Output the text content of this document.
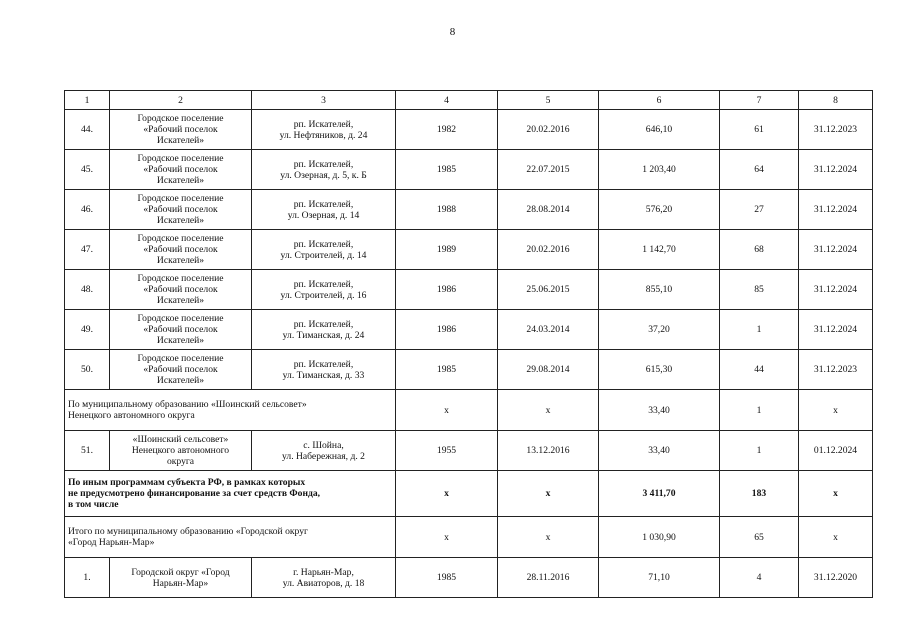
8
1	2	3	4	5	6	7	8
44.	Городское поселение
«Рабочий поселок
Искателей»	рп. Искателей,
ул. Нефтяников, д. 24	1982	20.02.2016	646,10	61	31.12.2023
45.	Городское поселение
«Рабочий поселок
Искателей»	рп. Искателей,
ул. Озерная, д. 5, к. Б	1985	22.07.2015	1 203,40	64	31.12.2024
46.	Городское поселение
«Рабочий поселок
Искателей»	рп. Искателей,
ул. Озерная, д. 14	1988	28.08.2014	576,20	27	31.12.2024
47.	Городское поселение
«Рабочий поселок
Искателей»	рп. Искателей,
ул. Строителей, д. 14	1989	20.02.2016	1 142,70	68	31.12.2024
48.	Городское поселение
«Рабочий поселок
Искателей»	рп. Искателей,
ул. Строителей, д. 16	1986	25.06.2015	855,10	85	31.12.2024
49.	Городское поселение
«Рабочий поселок
Искателей»	рп. Искателей,
ул. Тиманская, д. 24	1986	24.03.2014	37,20	1	31.12.2024
50.	Городское поселение
«Рабочий поселок
Искателей»	рп. Искателей,
ул. Тиманская, д. 33	1985	29.08.2014	615,30	44	31.12.2023
По муниципальному образованию «Шоинский сельсовет»
Ненецкого автономного округа			x	x	33,40	1	x
51.	«Шоинский сельсовет»
Ненецкого автономного
округа	с. Шойна,
ул. Набережная, д. 2	1955	13.12.2016	33,40	1	01.12.2024
По иным программам субъекта РФ, в рамках которых
не предусмотрено финансирование за счет средств Фонда,
в том числе			x	x	3 411,70	183	x
Итого по муниципальному образованию «Городской округ
«Город Нарьян-Мар»			x	x	1 030,90	65	x
1.	Городской округ «Город
Нарьян-Мар»	г. Нарьян-Мар,
ул. Авиаторов, д. 18	1985	28.11.2016	71,10	4	31.12.2020
